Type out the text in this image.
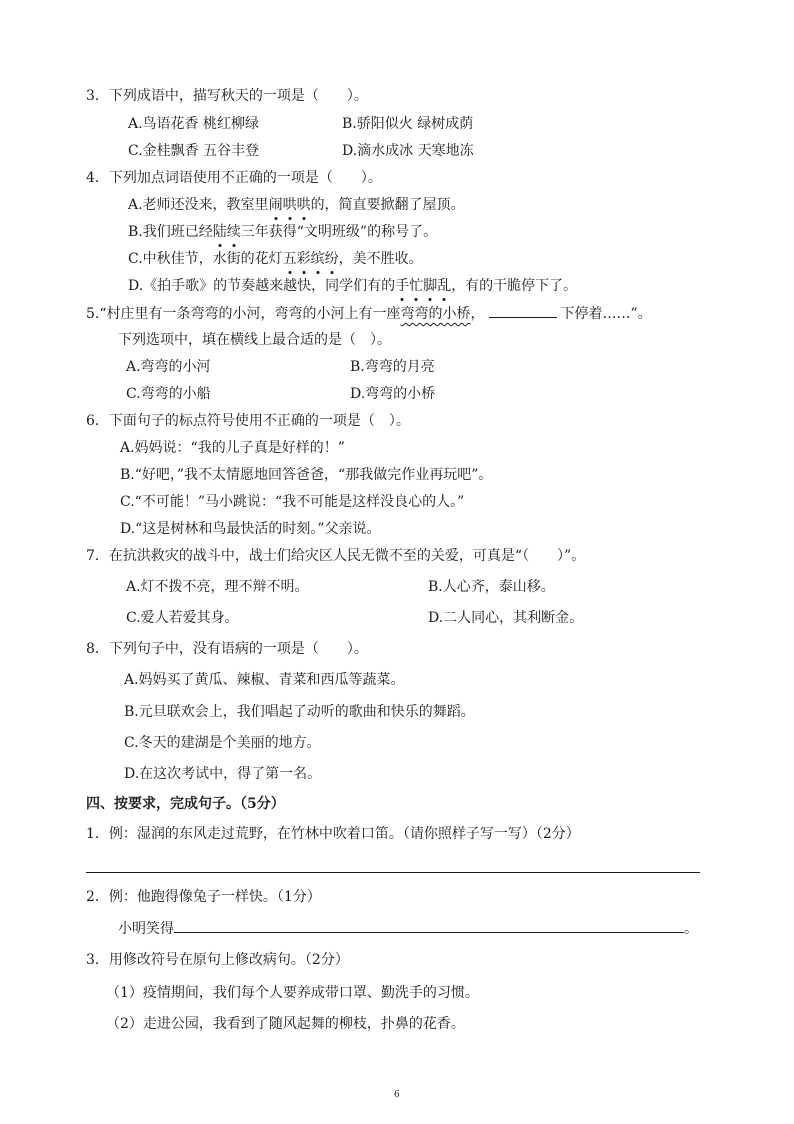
3．下列成语中，描写秋天的一项是（　　）。
A.鸟语花香 桃红柳绿	B.骄阳似火 绿树成荫
C.金桂飘香 五谷丰登	D.滴水成冰 天寒地冻
4．下列加点词语使用不正确的一项是（　　）。
A.老师还没来，教室里闹哄哄的，简直要掀翻了屋顶。
B.我们班已经陆续三年获得“文明班级”的称号了。
C.中秋佳节，水街的花灯五彩缤纷，美不胜收。
D.《拍手歌》的节奏越来越快，同学们有的手忙脚乱，有的干脆停下了。
5.“村庄里有一条弯弯的小河，弯弯的小河上有一座弯弯的小桥，	下停着……”。
下列选项中，填在横线上最合适的是（　）。
A.弯弯的小河	B.弯弯的月亮
C.弯弯的小船	D.弯弯的小桥
6．下面句子的标点符号使用不正确的一项是（　）。
A.妈妈说：“我的儿子真是好样的！”
B.“好吧，”我不太情愿地回答爸爸，“那我做完作业再玩吧”。
C.“不可能！”马小跳说：“我不可能是这样没良心的人。”
D.“这是树林和鸟最快活的时刻。”父亲说。
7．在抗洪救灾的战斗中，战士们给灾区人民无微不至的关爱，可真是“（　　）”。
A.灯不拨不亮，理不辩不明。	B.人心齐，泰山移。
C.爱人若爱其身。	D.二人同心，其利断金。
8．下列句子中，没有语病的一项是（　　）。
A.妈妈买了黄瓜、辣椒、青菜和西瓜等蔬菜。
B.元旦联欢会上，我们唱起了动听的歌曲和快乐的舞蹈。
C.冬天的建湖是个美丽的地方。
D.在这次考试中，得了第一名。
四、按要求，完成句子。（5分）
1．例：湿润的东风走过荒野，在竹林中吹着口笛。（请你照样子写一写）（2分）
2．例：他跑得像兔子一样快。（1分）
小明笑得	。
3．用修改符号在原句上修改病句。（2分）
（1）疫情期间，我们每个人要养成带口罩、勤洗手的习惯。
（2）走进公园，我看到了随风起舞的柳枝，扑鼻的花香。
6
